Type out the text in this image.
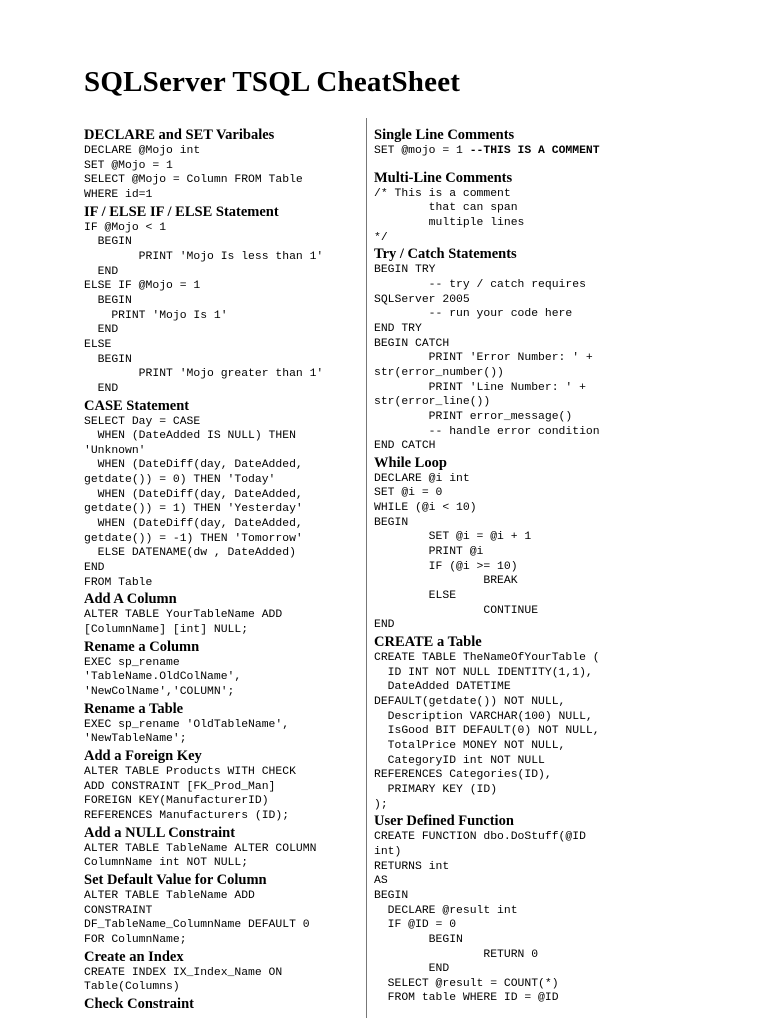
SQLServer TSQL CheatSheet
DECLARE and SET Varibales
DECLARE @Mojo int
SET @Mojo = 1
SELECT @Mojo = Column FROM Table
WHERE id=1
IF / ELSE IF / ELSE Statement
IF @Mojo < 1
BEGIN
PRINT 'Mojo Is less than 1'
END
ELSE IF @Mojo = 1
BEGIN
PRINT 'Mojo Is 1'
END
ELSE
BEGIN
PRINT 'Mojo greater than 1'
END
CASE Statement
SELECT Day = CASE
WHEN (DateAdded IS NULL) THEN
'Unknown'
WHEN (DateDiff(day, DateAdded,
getdate()) = 0) THEN 'Today'
WHEN (DateDiff(day, DateAdded,
getdate()) = 1) THEN 'Yesterday'
WHEN (DateDiff(day, DateAdded,
getdate()) = -1) THEN 'Tomorrow'
ELSE DATENAME(dw , DateAdded)
END
FROM Table
Add A Column
ALTER TABLE YourTableName ADD
[ColumnName] [int] NULL;
Rename a Column
EXEC sp_rename
'TableName.OldColName',
'NewColName','COLUMN';
Rename a Table
EXEC sp_rename 'OldTableName',
'NewTableName';
Add a Foreign Key
ALTER TABLE Products WITH CHECK
ADD CONSTRAINT [FK_Prod_Man]
FOREIGN KEY(ManufacturerID)
REFERENCES Manufacturers (ID);
Add a NULL Constraint
ALTER TABLE TableName ALTER COLUMN
ColumnName int NOT NULL;
Set Default Value for Column
ALTER TABLE TableName ADD
CONSTRAINT
DF_TableName_ColumnName DEFAULT 0
FOR ColumnName;
Create an Index
CREATE INDEX IX_Index_Name ON
Table(Columns)
Check Constraint
Single Line Comments
SET @mojo = 1 --THIS IS A COMMENT
Multi-Line Comments
/* This is a comment
that can span
multiple lines
*/
Try / Catch Statements
BEGIN TRY
-- try / catch requires
SQLServer 2005
-- run your code here
END TRY
BEGIN CATCH
PRINT 'Error Number: ' +
str(error_number())
PRINT 'Line Number: ' +
str(error_line())
PRINT error_message()
-- handle error condition
END CATCH
While Loop
DECLARE @i int
SET @i = 0
WHILE (@i < 10)
BEGIN
SET @i = @i + 1
PRINT @i
IF (@i >= 10)
BREAK
ELSE
CONTINUE
END
CREATE a Table
CREATE TABLE TheNameOfYourTable (
ID INT NOT NULL IDENTITY(1,1),
DateAdded DATETIME
DEFAULT(getdate()) NOT NULL,
Description VARCHAR(100) NULL,
IsGood BIT DEFAULT(0) NOT NULL,
TotalPrice MONEY NOT NULL,
CategoryID int NOT NULL
REFERENCES Categories(ID),
PRIMARY KEY (ID)
);
User Defined Function
CREATE FUNCTION dbo.DoStuff(@ID
int)
RETURNS int
AS
BEGIN
DECLARE @result int
IF @ID = 0
BEGIN
RETURN 0
END
SELECT @result = COUNT(*)
FROM table WHERE ID = @ID
